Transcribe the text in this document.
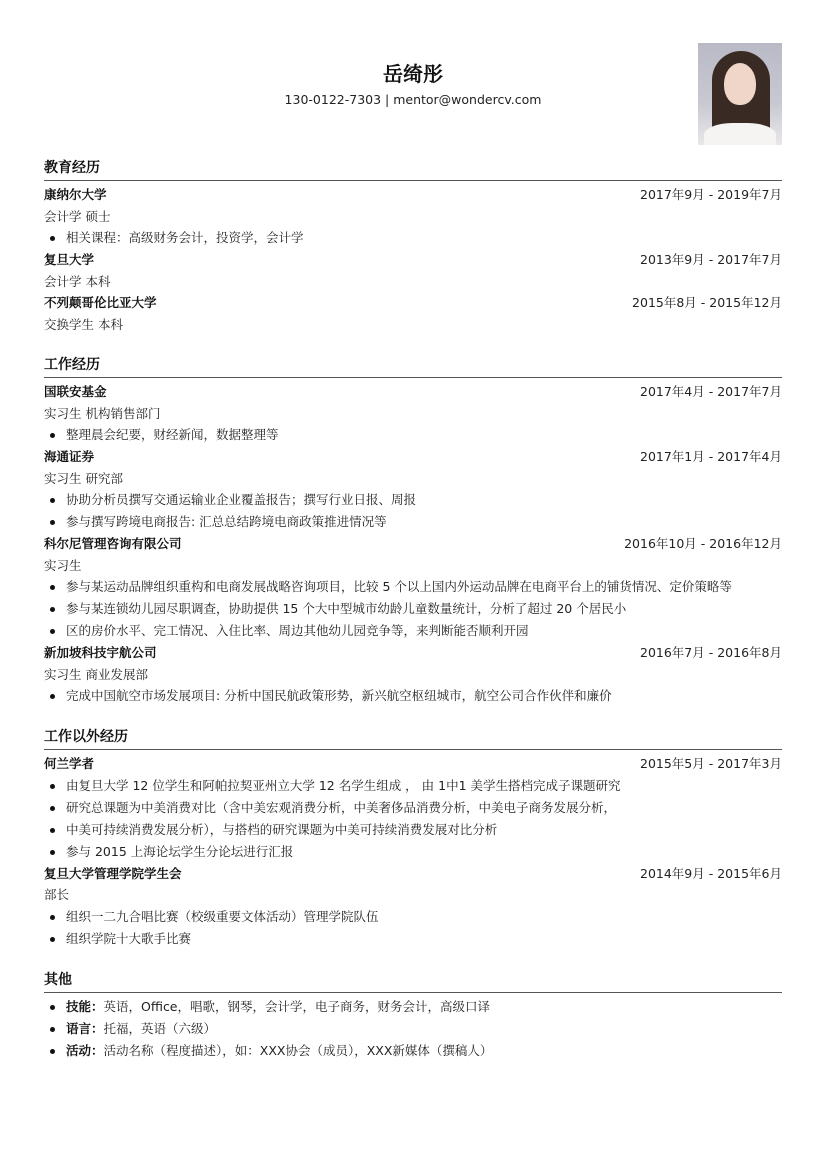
岳绮彤
130-0122-7303 | mentor@wondercv.com
教育经历
康纳尔大学	2017年9月 - 2019年7月
会计学 硕士
相关课程：高级财务会计，投资学，会计学
复旦大学	2013年9月 - 2017年7月
会计学 本科
不列颠哥伦比亚大学	2015年8月 - 2015年12月
交换学生 本科
工作经历
国联安基金	2017年4月 - 2017年7月
实习生 机构销售部门
整理晨会纪要，财经新闻，数据整理等
海通证券	2017年1月 - 2017年4月
实习生 研究部
协助分析员撰写交通运输业企业覆盖报告；撰写行业日报、周报
参与撰写跨境电商报告: 汇总总结跨境电商政策推进情况等
科尔尼管理咨询有限公司	2016年10月 - 2016年12月
实习生
参与某运动品牌组织重构和电商发展战略咨询项目，比较 5 个以上国内外运动品牌在电商平台上的铺货情况、定价策略等
参与某连锁幼儿园尽职调查，协助提供 15 个大中型城市幼龄儿童数量统计，分析了超过 20 个居民小
区的房价水平、完工情况、入住比率、周边其他幼儿园竞争等，来判断能否顺利开园
新加坡科技宇航公司	2016年7月 - 2016年8月
实习生 商业发展部
完成中国航空市场发展项目: 分析中国民航政策形势，新兴航空枢纽城市，航空公司合作伙伴和廉价
工作以外经历
何兰学者	2015年5月 - 2017年3月
由复旦大学 12 位学生和阿帕拉契亚州立大学 12 名学生组成 ， 由 1中1 美学生搭档完成子课题研究
研究总课题为中美消费对比（含中美宏观消费分析，中美奢侈品消费分析，中美电子商务发展分析，
中美可持续消费发展分析），与搭档的研究课题为中美可持续消费发展对比分析
参与 2015 上海论坛学生分论坛进行汇报
复旦大学管理学院学生会	2014年9月 - 2015年6月
部长
组织一二九合唱比赛（校级重要文体活动）管理学院队伍
组织学院十大歌手比赛
其他
技能：英语，Office，唱歌，钢琴，会计学，电子商务，财务会计，高级口译
语言：托福，英语（六级）
活动：活动名称（程度描述），如：XXX协会（成员），XXX新媒体（撰稿人）
